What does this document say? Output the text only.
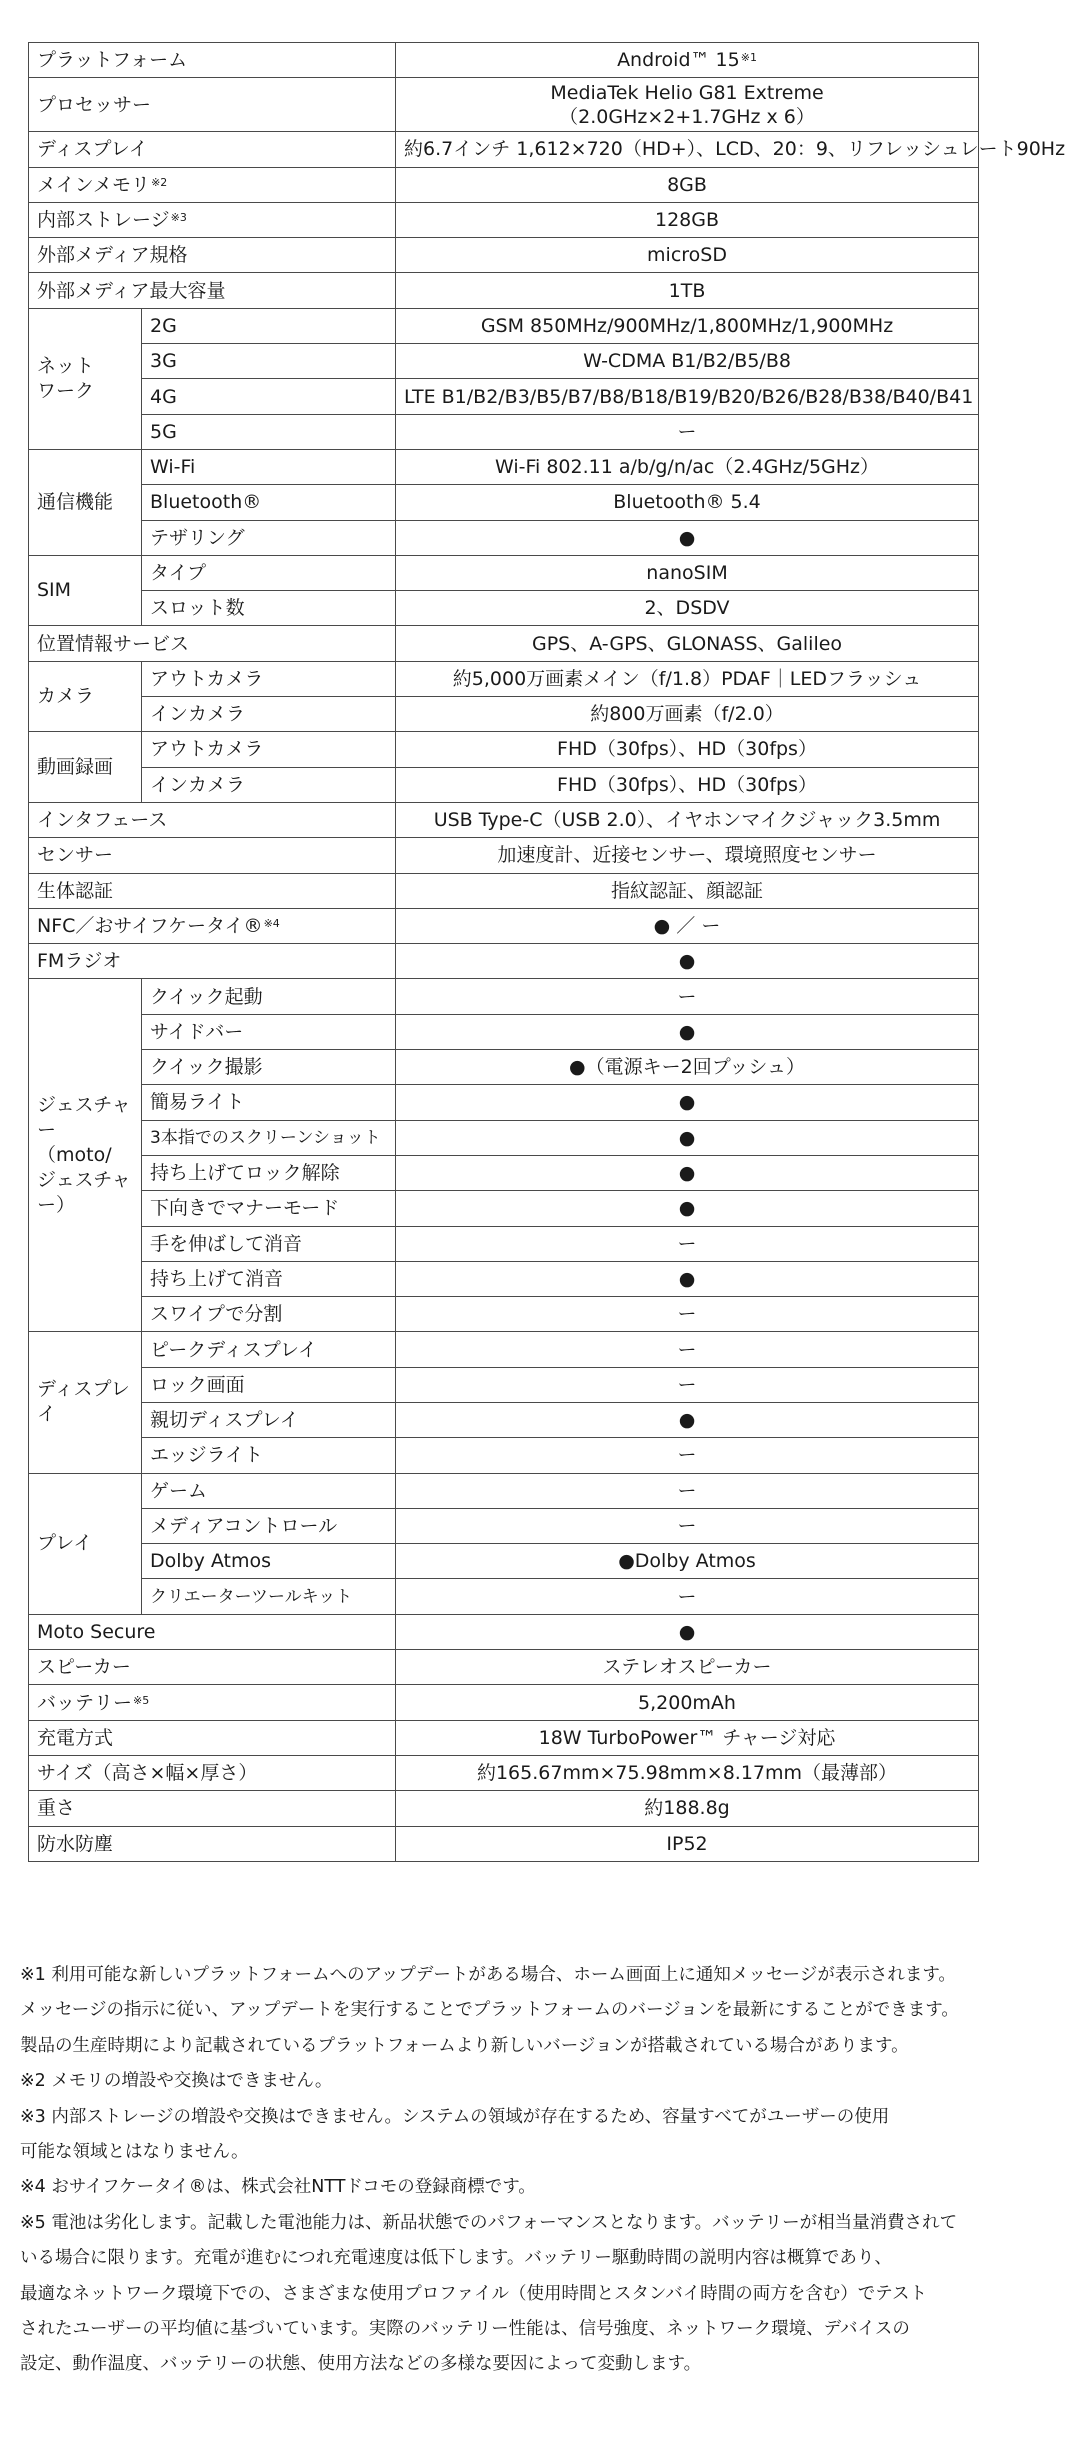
プラットフォーム		Android™ 15$^{※1}$
プロセッサー		MediaTek Helio G81 Extreme
（2.0GHz×2+1.7GHz x 6）
ディスプレイ		約6.7インチ 1,612×720（HD+）、LCD、20：9、リフレッシュレート90Hz
メインメモリ$^{※2}$		8GB
内部ストレージ$^{※3}$		128GB
外部メディア規格		microSD
外部メディア最大容量		1TB
ネット
ワーク	2G	GSM 850MHz/900MHz/1,800MHz/1,900MHz
	3G	W-CDMA B1/B2/B5/B8
	4G	LTE B1/B2/B3/B5/B7/B8/B18/B19/B20/B26/B28/B38/B40/B41
	5G	ー
通信機能	Wi-Fi	Wi-Fi 802.11 a/b/g/n/ac（2.4GHz/5GHz）
	Bluetooth®	Bluetooth® 5.4
	テザリング	●
SIM	タイプ	nanoSIM
	スロット数	2、DSDV
位置情報サービス		GPS、A-GPS、GLONASS、Galileo
カメラ	アウトカメラ	約5,000万画素メイン（f/1.8）PDAF｜LEDフラッシュ
	インカメラ	約800万画素（f/2.0）
動画録画	アウトカメラ	FHD（30fps）、HD（30fps）
	インカメラ	FHD（30fps）、HD（30fps）
インタフェース		USB Type-C（USB 2.0）、イヤホンマイクジャック3.5mm
センサー		加速度計、近接センサー、環境照度センサー
生体認証		指紋認証、顔認証
NFC／おサイフケータイ®$^{※4}$		● ／ ー
FMラジオ		●
ジェスチャー
（moto/
ジェスチャー）	クイック起動	ー
	サイドバー	●
	クイック撮影	●（電源キー2回プッシュ）
	簡易ライト	●
	3本指でのスクリーンショット	●
	持ち上げてロック解除	●
	下向きでマナーモード	●
	手を伸ばして消音	ー
	持ち上げて消音	●
	スワイプで分割	ー
ディスプレイ	ピークディスプレイ	ー
	ロック画面	ー
	親切ディスプレイ	●
	エッジライト	ー
プレイ	ゲーム	ー
	メディアコントロール	ー
	Dolby Atmos	●Dolby Atmos
	クリエーターツールキット	ー
Moto Secure		●
スピーカー		ステレオスピーカー
バッテリー$^{※5}$		5,200mAh
充電方式		18W TurboPower™ チャージ対応
サイズ（高さ×幅×厚さ）		約165.67mm×75.98mm×8.17mm（最薄部）
重さ		約188.8g
防水防塵		IP52
※1 利用可能な新しいプラットフォームへのアップデートがある場合、ホーム画面上に通知メッセージが表示されます。
メッセージの指示に従い、アップデートを実行することでプラットフォームのバージョンを最新にすることができます。
製品の生産時期により記載されているプラットフォームより新しいバージョンが搭載されている場合があります。
※2 メモリの増設や交換はできません。
※3 内部ストレージの増設や交換はできません。システムの領域が存在するため、容量すべてがユーザーの使用
可能な領域とはなりません。
※4 おサイフケータイ®は、株式会社NTTドコモの登録商標です。
※5 電池は劣化します。記載した電池能力は、新品状態でのパフォーマンスとなります。バッテリーが相当量消費されて
いる場合に限ります。充電が進むにつれ充電速度は低下します。バッテリー駆動時間の説明内容は概算であり、
最適なネットワーク環境下での、さまざまな使用プロファイル（使用時間とスタンバイ時間の両方を含む）でテスト
されたユーザーの平均値に基づいています。実際のバッテリー性能は、信号強度、ネットワーク環境、デバイスの
設定、動作温度、バッテリーの状態、使用方法などの多様な要因によって変動します。
